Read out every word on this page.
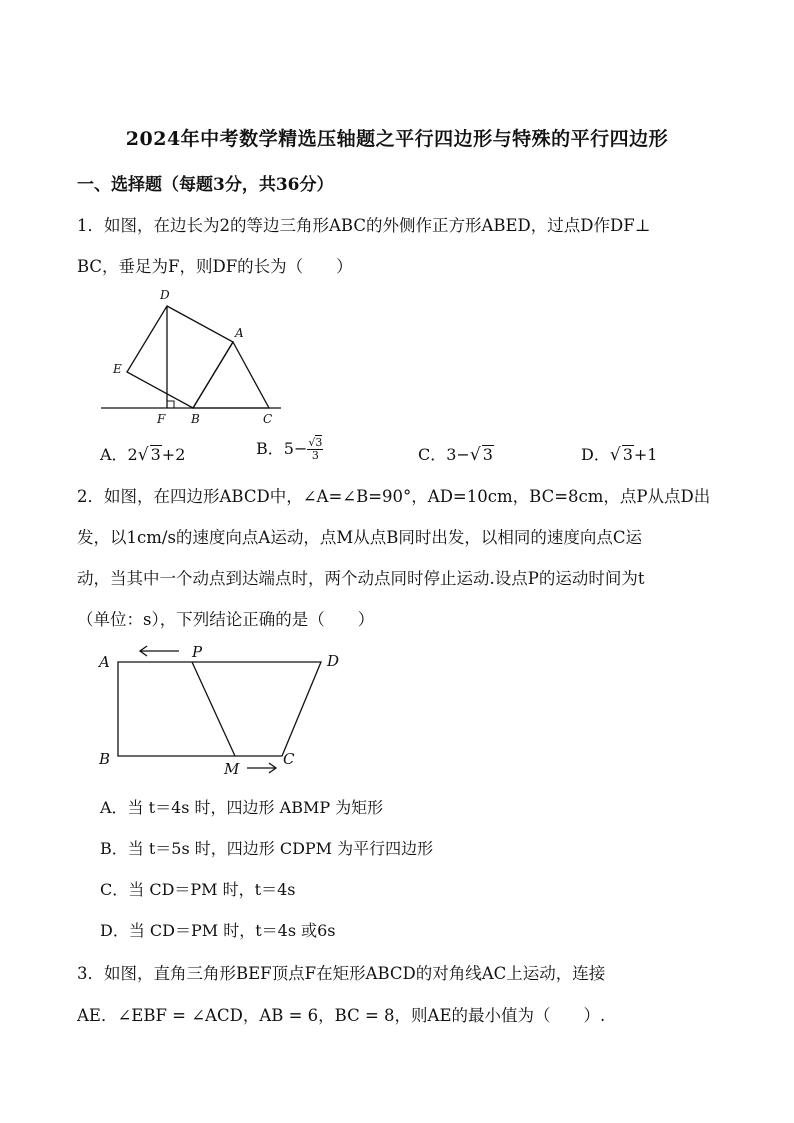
2024年中考数学精选压轴题之平行四边形与特殊的平行四边形
一、选择题（每题3分，共36分）
1．如图，在边长为2的等边三角形ABC的外侧作正方形ABED，过点D作DF⊥
BC，垂足为F，则DF的长为（　　）
D
A
E
F B	C
A．2√ 3+2	B．$5- \frac{√3}{3}$	C．3−√ 3	D．√ 3+1
2．如图，在四边形ABCD中，∠A=∠B=90°，AD=10cm，BC=8cm，点P从点D出
发，以1cm/s的速度向点A运动，点M从点B同时出发，以相同的速度向点C运
动，当其中一个动点到达端点时，两个动点同时停止运动.设点P的运动时间为t
（单位：s），下列结论正确的是（　　）
A
P	D
B
M
C
A．当 t＝4s 时，四边形 ABMP 为矩形
B．当 t＝5s 时，四边形 CDPM 为平行四边形
C．当 CD＝PM 时，t＝4s
D．当 CD＝PM 时，t＝4s 或6s
3．如图，直角三角形BEF顶点F在矩形ABCD的对角线AC上运动，连接
AE．∠EBF = ∠ACD，AB = 6，BC = 8，则AE的最小值为（　　）.
